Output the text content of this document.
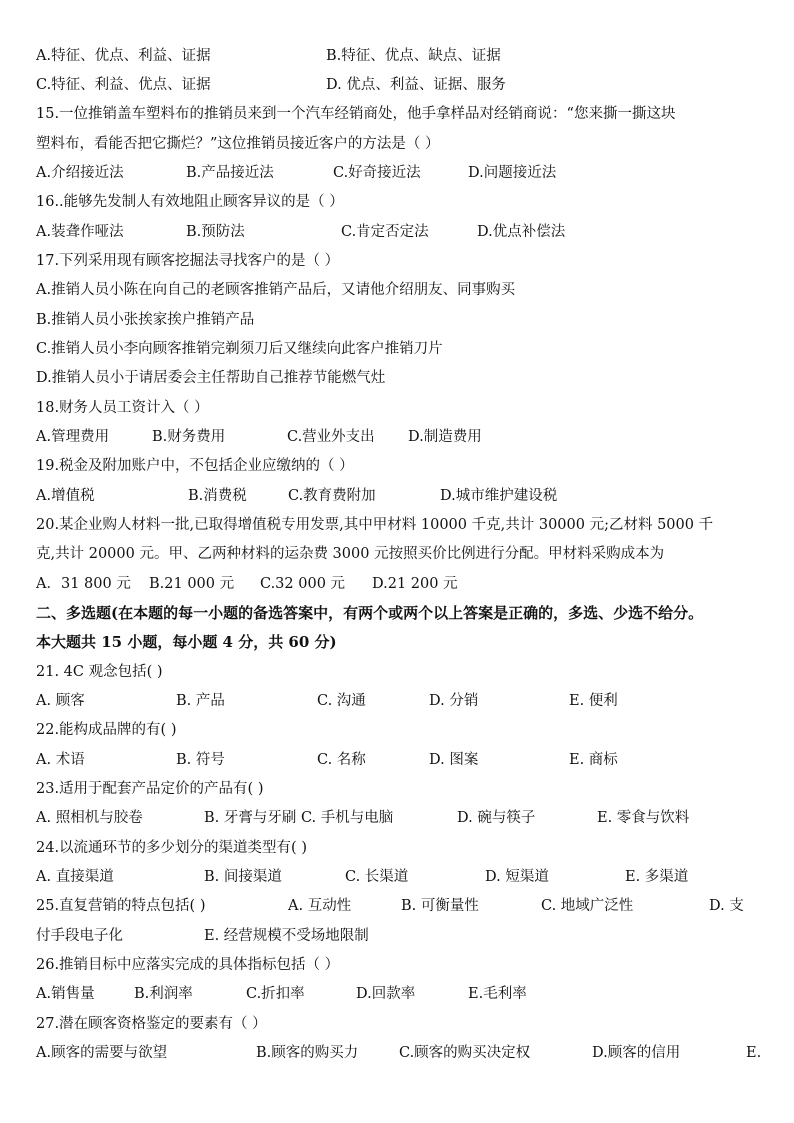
A.特征、优点、利益、证据	B.特征、优点、缺点、证据
C.特征、利益、优点、证据	D. 优点、利益、证据、服务
15.一位推销盖车塑料布的推销员来到一个汽车经销商处，他手拿样品对经销商说：“您来撕一撕这块
塑料布，看能否把它撕烂？”这位推销员接近客户的方法是（ ）
A.介绍接近法	B.产品接近法	C.好奇接近法	D.问题接近法
16..能够先发制人有效地阻止顾客异议的是（ ）
A.装聋作哑法	B.预防法	C.肯定否定法	D.优点补偿法
17.下列采用现有顾客挖掘法寻找客户的是（ ）
A.推销人员小陈在向自己的老顾客推销产品后，又请他介绍朋友、同事购买
B.推销人员小张挨家挨户推销产品
C.推销人员小李向顾客推销完剃须刀后又继续向此客户推销刀片
D.推销人员小于请居委会主任帮助自己推荐节能燃气灶
18.财务人员工资计入（ ）
A.管理费用	B.财务费用	C.营业外支出 D.制造费用
19.税金及附加账户中，不包括企业应缴纳的（ ）
A.增值税	B.消费税	C.教育费附加	D.城市维护建设税
20.某企业购人材料一批,已取得增值税专用发票,其中甲材料 10000 千克,共计 30000 元;乙材料 5000 千
克,共计 20000 元。甲、乙两种材料的运杂费 3000 元按照买价比例进行分配。甲材料采购成本为
A．31 800 元 B.21 000 元 C.32 000 元 D.21 200 元
二、多选题(在本题的每一小题的备选答案中，有两个或两个以上答案是正确的，多选、少选不给分。
本大题共 15 小题，每小题 4 分，共 60 分)
21. 4C 观念包括( )
A. 顾客	B. 产品	C. 沟通	D. 分销	E. 便利
22.能构成品牌的有( )
A. 术语	B. 符号	C. 名称	D. 图案	E. 商标
23.适用于配套产品定价的产品有( )
A. 照相机与胶卷	B. 牙膏与牙刷 C. 手机与电脑	D. 碗与筷子	E. 零食与饮料
24.以流通环节的多少划分的渠道类型有( )
A. 直接渠道	B. 间接渠道	C. 长渠道	D. 短渠道	E. 多渠道
25.直复营销的特点包括( )	A. 互动性	B. 可衡量性	C. 地域广泛性	D. 支
付手段电子化	E. 经营规模不受场地限制
26.推销目标中应落实完成的具体指标包括（ ）
A.销售量	B.利润率	C.折扣率	D.回款率	E.毛利率
27.潜在顾客资格鉴定的要素有（ ）
A.顾客的需要与欲望	B.顾客的购买力	C.顾客的购买决定权	D.顾客的信用	E.
